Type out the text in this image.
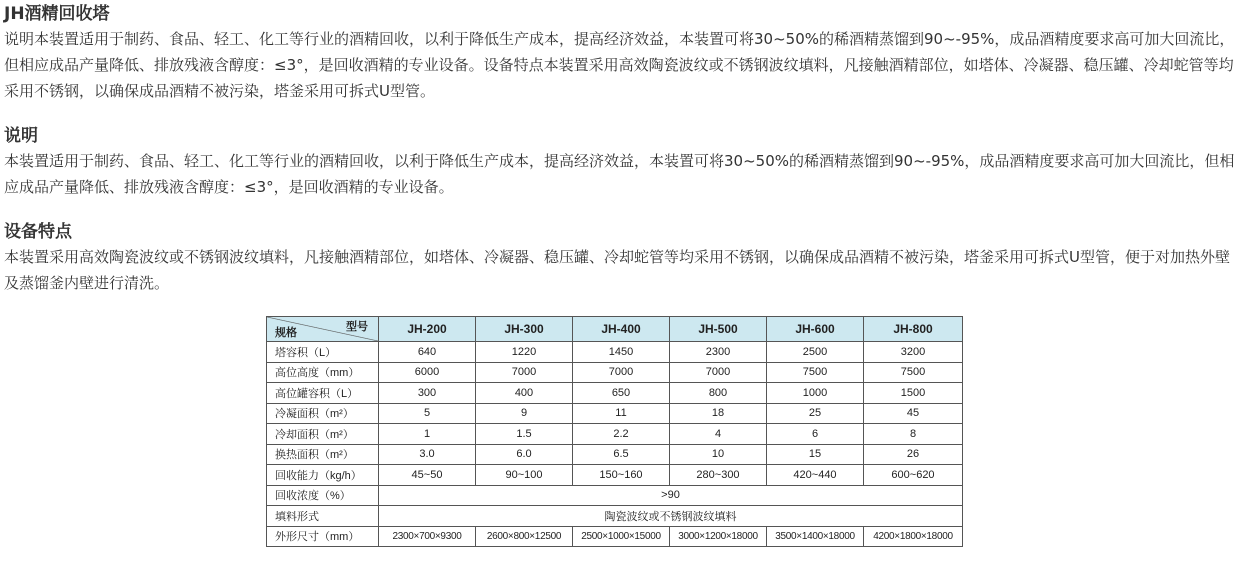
JH酒精回收塔

说明本装置适用于制药、食品、轻工、化工等行业的酒精回收，以利于降低生产成本，提高经济效益，本装置可将30~50%的稀酒精蒸馏到90~-95%，成品酒精度要求高可加大回流比，但相应成品产量降低、排放残液含醇度：≤3°，是回收酒精的专业设备。设备特点本装置采用高效陶瓷波纹或不锈钢波纹填料，凡接触酒精部位，如塔体、冷凝器、稳压罐、冷却蛇管等均采用不锈钢，以确保成品酒精不被污染，塔釜采用可拆式U型管。

说明

本装置适用于制药、食品、轻工、化工等行业的酒精回收，以利于降低生产成本，提高经济效益，本装置可将30~50%的稀酒精蒸馏到90~-95%，成品酒精度要求高可加大回流比，但相应成品产量降低、排放残液含醇度：≤3°，是回收酒精的专业设备。

设备特点

本装置采用高效陶瓷波纹或不锈钢波纹填料，凡接触酒精部位，如塔体、冷凝器、稳压罐、冷却蛇管等均采用不锈钢，以确保成品酒精不被污染，塔釜采用可拆式U型管，便于对加热外壁及蒸馏釜内壁进行清洗。

型号
规格	JH-200	JH-300	JH-400	JH-500	JH-600	JH-800
塔容积（L）	640	1220	1450	2300	2500	3200
高位高度（mm）	6000	7000	7000	7000	7500	7500
高位罐容积（L）	300	400	650	800	1000	1500
冷凝面积（m²）	5	9	11	18	25	45
冷却面积（m²）	1	1.5	2.2	4	6	8
换热面积（m²）	3.0	6.0	6.5	10	15	26
回收能力（kg/h）	45~50	90~100	150~160	280~300	420~440	600~620
回收浓度（%）	>90					
填料形式	陶瓷波纹或不锈钢波纹填料					
外形尺寸（mm）	2300×700×9300	2600×800×12500	2500×1000×15000	3000×1200×18000	3500×1400×18000	4200×1800×18000
